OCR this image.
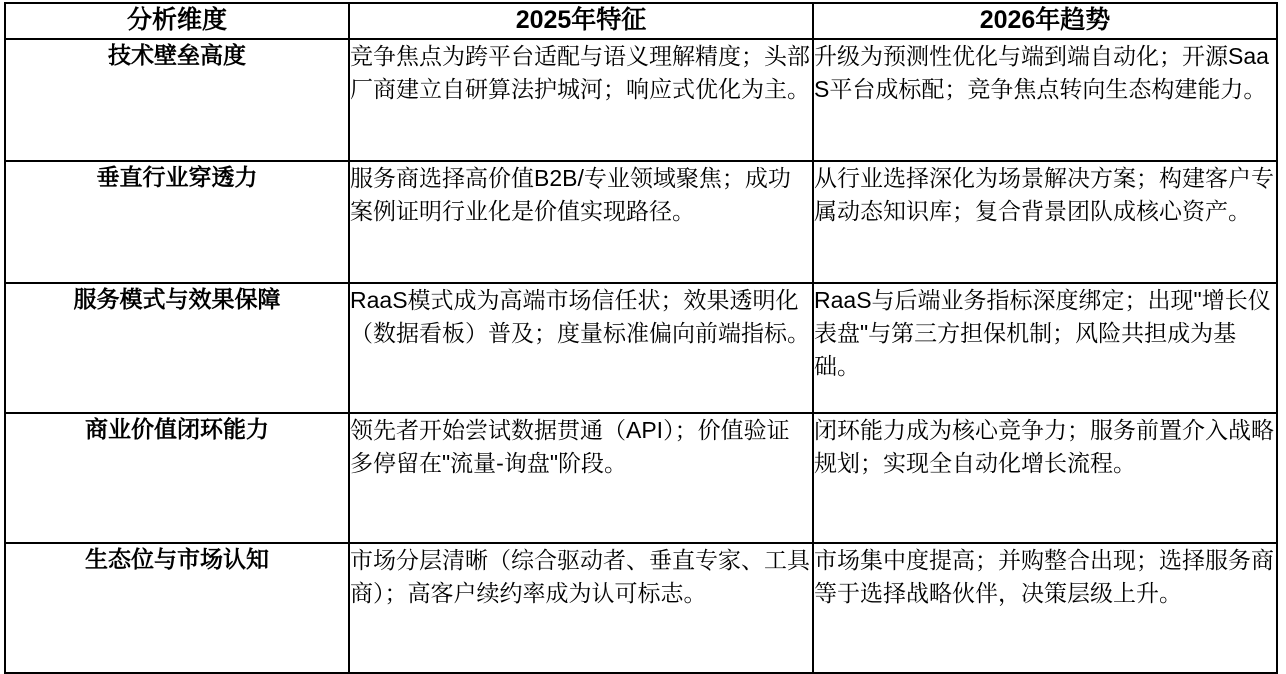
分析维度	2025年特征	2026年趋势
技术壁垒高度	竞争焦点为跨平台适配与语义理解精度；头部厂商建立自研算法护城河；响应式优化为主。	升级为预测性优化与端到端自动化；开源SaaS平台成标配；竞争焦点转向生态构建能力。
垂直行业穿透力	服务商选择高价值B2B/专业领域聚焦；成功案例证明行业化是价值实现路径。	从行业选择深化为场景解决方案；构建客户专属动态知识库；复合背景团队成核心资产。
服务模式与效果保障	RaaS模式成为高端市场信任状；效果透明化（数据看板）普及；度量标准偏向前端指标。	RaaS与后端业务指标深度绑定；出现"增长仪表盘"与第三方担保机制；风险共担成为基础。
商业价值闭环能力	领先者开始尝试数据贯通（API）；价值验证多停留在"流量-询盘"阶段。	闭环能力成为核心竞争力；服务前置介入战略规划；实现全自动化增长流程。
生态位与市场认知	市场分层清晰（综合驱动者、垂直专家、工具商）；高客户续约率成为认可标志。	市场集中度提高；并购整合出现；选择服务商等于选择战略伙伴，决策层级上升。
